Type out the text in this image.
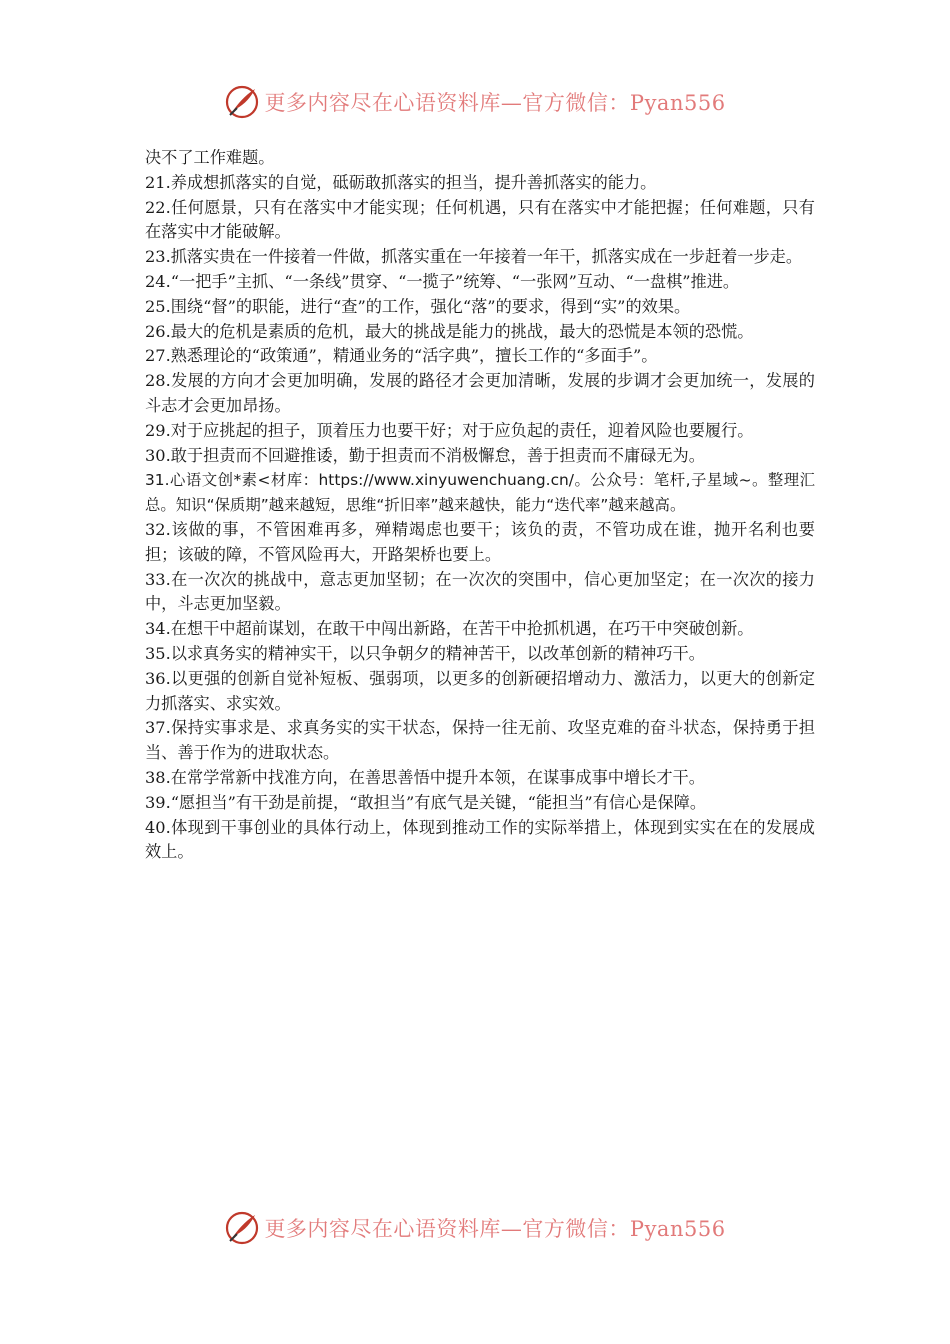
更多内容尽在心语资料库—官方微信：Pyan556

决不了工作难题。

21.养成想抓落实的自觉，砥砺敢抓落实的担当，提升善抓落实的能力。

22.任何愿景，只有在落实中才能实现；任何机遇，只有在落实中才能把握；任何难题，只有在落实中才能破解。

23.抓落实贵在一件接着一件做，抓落实重在一年接着一年干，抓落实成在一步赶着一步走。

24.“一把手”主抓、“一条线”贯穿、“一揽子”统筹、“一张网”互动、“一盘棋”推进。

25.围绕“督”的职能，进行“查”的工作，强化“落”的要求，得到“实”的效果。

26.最大的危机是素质的危机，最大的挑战是能力的挑战，最大的恐慌是本领的恐慌。

27.熟悉理论的“政策通”，精通业务的“活字典”，擅长工作的“多面手”。

28.发展的方向才会更加明确，发展的路径才会更加清晰，发展的步调才会更加统一，发展的斗志才会更加昂扬。

29.对于应挑起的担子，顶着压力也要干好；对于应负起的责任，迎着风险也要履行。

30.敢于担责而不回避推诿，勤于担责而不消极懈怠，善于担责而不庸碌无为。

31.心语文创*素<材库：https://www.xinyuwenchuang.cn/。公众号：笔杆,子星域~。整理汇总。知识“保质期”越来越短，思维“折旧率”越来越快，能力“迭代率”越来越高。

32.该做的事，不管困难再多，殚精竭虑也要干；该负的责，不管功成在谁，抛开名利也要担；该破的障，不管风险再大，开路架桥也要上。

33.在一次次的挑战中，意志更加坚韧；在一次次的突围中，信心更加坚定；在一次次的接力中，斗志更加坚毅。

34.在想干中超前谋划，在敢干中闯出新路，在苦干中抢抓机遇，在巧干中突破创新。

35.以求真务实的精神实干，以只争朝夕的精神苦干，以改革创新的精神巧干。

36.以更强的创新自觉补短板、强弱项，以更多的创新硬招增动力、激活力，以更大的创新定力抓落实、求实效。

37.保持实事求是、求真务实的实干状态，保持一往无前、攻坚克难的奋斗状态，保持勇于担当、善于作为的进取状态。

38.在常学常新中找准方向，在善思善悟中提升本领，在谋事成事中增长才干。

39.“愿担当”有干劲是前提，“敢担当”有底气是关键，“能担当”有信心是保障。

40.体现到干事创业的具体行动上，体现到推动工作的实际举措上，体现到实实在在的发展成效上。

更多内容尽在心语资料库—官方微信：Pyan556
